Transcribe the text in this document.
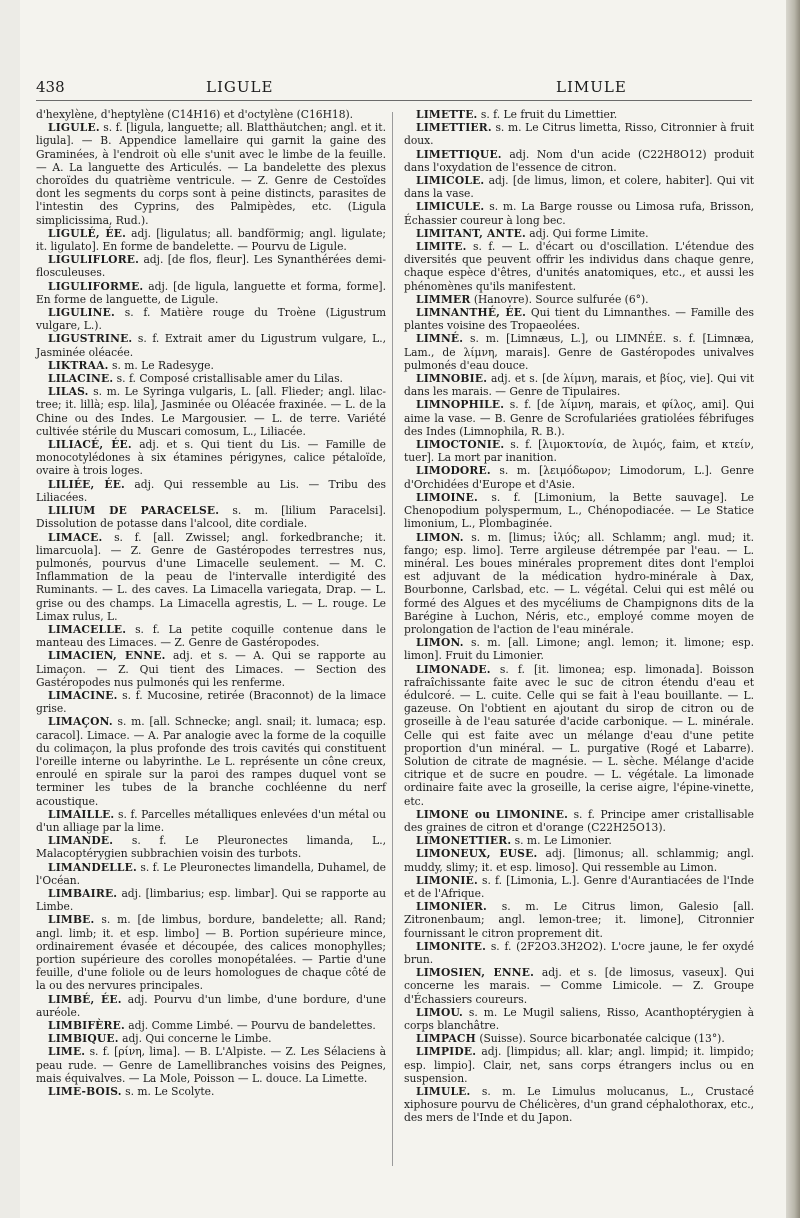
438	LIGULE	LIMULE

d'hexylène, d'heptylène (C14H16) et d'octylène (C16H18).

LIGULE. s. f. [ligula, languette; all. Blatthäutchen; angl. et it. ligula]. — B. Appendice lamellaire qui garnit la gaine des Graminées, à l'endroit où elle s'unit avec le limbe de la feuille. — A. La languette des Articulés. — La bandelette des plexus choroïdes du quatrième ventricule. — Z. Genre de Cestoïdes dont les segments du corps sont à peine distincts, parasites de l'intestin des Cyprins, des Palmipèdes, etc. (Ligula simplicissima, Rud.).

LIGULÉ, ÉE. adj. [ligulatus; all. bandförmig; angl. ligulate; it. ligulato]. En forme de bandelette. — Pourvu de Ligule.

LIGULIFLORE. adj. [de flos, fleur]. Les Synanthérées demi-flosculeuses.

LIGULIFORME. adj. [de ligula, languette et forma, forme]. En forme de languette, de Ligule.

LIGULINE. s. f. Matière rouge du Troène (Ligustrum vulgare, L.).

LIGUSTRINE. s. f. Extrait amer du Ligustrum vulgare, L., Jasminée oléacée.

LIKTRAA. s. m. Le Radesyge.

LILACINE. s. f. Composé cristallisable amer du Lilas.

LILAS. s. m. Le Syringa vulgaris, L. [all. Flieder; angl. lilac-tree; it. lillà; esp. lila], Jasminée ou Oléacée fraxinée. — L. de la Chine ou des Indes. Le Margousier. — L. de terre. Variété cultivée stérile du Muscari comosum, L., Liliacée.

LILIACÉ, ÉE. adj. et s. Qui tient du Lis. — Famille de monocotylédones à six étamines périgynes, calice pétaloïde, ovaire à trois loges.

LILIÉE, ÉE. adj. Qui ressemble au Lis. — Tribu des Liliacées.

LILIUM DE PARACELSE. s. m. [lilium Paracelsi]. Dissolution de potasse dans l'alcool, dite cordiale.

LIMACE. s. f. [all. Zwissel; angl. forkedbranche; it. limarcuola]. — Z. Genre de Gastéropodes terrestres nus, pulmonés, pourvus d'une Limacelle seulement. — M. C. Inflammation de la peau de l'intervalle interdigité des Ruminants. — L. des caves. La Limacella variegata, Drap. — L. grise ou des champs. La Limacella agrestis, L. — L. rouge. Le Limax rulus, L.

LIMACELLE. s. f. La petite coquille contenue dans le manteau des Limaces. — Z. Genre de Gastéropodes.

LIMACIEN, ENNE. adj. et s. — A. Qui se rapporte au Limaçon. — Z. Qui tient des Limaces. — Section des Gastéropodes nus pulmonés qui les renferme.

LIMACINE. s. f. Mucosine, retirée (Braconnot) de la limace grise.

LIMAÇON. s. m. [all. Schnecke; angl. snail; it. lumaca; esp. caracol]. Limace. — A. Par analogie avec la forme de la coquille du colimaçon, la plus profonde des trois cavités qui constituent l'oreille interne ou labyrinthe. Le L. représente un cône creux, enroulé en spirale sur la paroi des rampes duquel vont se terminer les tubes de la branche cochléenne du nerf acoustique.

LIMAILLE. s. f. Parcelles métalliques enlevées d'un métal ou d'un alliage par la lime.

LIMANDE. s. f. Le Pleuronectes limanda, L., Malacoptérygien subbrachien voisin des turbots.

LIMANDELLE. s. f. Le Pleuronectes limandella, Duhamel, de l'Océan.

LIMBAIRE. adj. [limbarius; esp. limbar]. Qui se rapporte au Limbe.

LIMBE. s. m. [de limbus, bordure, bandelette; all. Rand; angl. limb; it. et esp. limbo] — B. Portion supérieure mince, ordinairement évasée et découpée, des calices monophylles; portion supérieure des corolles monopétalées. — Partie d'une feuille, d'une foliole ou de leurs homologues de chaque côté de la ou des nervures principales.

LIMBÉ, ÉE. adj. Pourvu d'un limbe, d'une bordure, d'une auréole.

LIMBIFÈRE. adj. Comme Limbé. — Pourvu de bandelettes.

LIMBIQUE. adj. Qui concerne le Limbe.

LIME. s. f. [ρίνη, lima]. — B. L'Alpiste. — Z. Les Sélaciens à peau rude. — Genre de Lamellibranches voisins des Peignes, mais équivalves. — La Mole, Poisson — L. douce. La Limette.

LIME-BOIS. s. m. Le Scolyte.

LIMETTE. s. f. Le fruit du Limettier.

LIMETTIER. s. m. Le Citrus limetta, Risso, Citronnier à fruit doux.

LIMETTIQUE. adj. Nom d'un acide (C22H8O12) produit dans l'oxydation de l'essence de citron.

LIMICOLE. adj. [de limus, limon, et colere, habiter]. Qui vit dans la vase.

LIMICULE. s. m. La Barge rousse ou Limosa rufa, Brisson, Échassier coureur à long bec.

LIMITANT, ANTE. adj. Qui forme Limite.

LIMITE. s. f. — L. d'écart ou d'oscillation. L'étendue des diversités que peuvent offrir les individus dans chaque genre, chaque espèce d'êtres, d'unités anatomiques, etc., et aussi les phénomènes qu'ils manifestent.

LIMMER (Hanovre). Source sulfurée (6°).

LIMNANTHÉ, ÉE. Qui tient du Limnanthes. — Famille des plantes voisine des Tropaeolées.

LIMNÉ. s. m. [Limnæus, L.], ou LIMNÉE. s. f. [Limnæa, Lam., de λίμνη, marais]. Genre de Gastéropodes univalves pulmonés d'eau douce.

LIMNOBIE. adj. et s. [de λίμνη, marais, et βίος, vie]. Qui vit dans les marais. — Genre de Tipulaires.

LIMNOPHILE. s. f. [de λίμνη, marais, et φίλος, ami]. Qui aime la vase. — B. Genre de Scrofulariées gratiolées fébrifuges des Indes (Limnophila, R. B.).

LIMOCTONIE. s. f. [λιμοκτονία, de λιμός, faim, et κτείν, tuer]. La mort par inanition.

LIMODORE. s. m. [λειμόδωρον; Limodorum, L.]. Genre d'Orchidées d'Europe et d'Asie.

LIMOINE. s. f. [Limonium, la Bette sauvage]. Le Chenopodium polyspermum, L., Chénopodiacée. — Le Statice limonium, L., Plombaginée.

LIMON. s. m. [limus; ἰλύς; all. Schlamm; angl. mud; it. fango; esp. limo]. Terre argileuse détrempée par l'eau. — L. minéral. Les boues minérales proprement dites dont l'emploi est adjuvant de la médication hydro-minérale à Dax, Bourbonne, Carlsbad, etc. — L. végétal. Celui qui est mêlé ou formé des Algues et des mycéliums de Champignons dits de la Barégine à Luchon, Néris, etc., employé comme moyen de prolongation de l'action de l'eau minérale.

LIMON. s. m. [all. Limone; angl. lemon; it. limone; esp. limon]. Fruit du Limonier.

LIMONADE. s. f. [it. limonea; esp. limonada]. Boisson rafraîchissante faite avec le suc de citron étendu d'eau et édulcoré. — L. cuite. Celle qui se fait à l'eau bouillante. — L. gazeuse. On l'obtient en ajoutant du sirop de citron ou de groseille à de l'eau saturée d'acide carbonique. — L. minérale. Celle qui est faite avec un mélange d'eau d'une petite proportion d'un minéral. — L. purgative (Rogé et Labarre). Solution de citrate de magnésie. — L. sèche. Mélange d'acide citrique et de sucre en poudre. — L. végétale. La limonade ordinaire faite avec la groseille, la cerise aigre, l'épine-vinette, etc.

LIMONE ou LIMONINE. s. f. Principe amer cristallisable des graines de citron et d'orange (C22H25O13).

LIMONETTIER. s. m. Le Limonier.

LIMONEUX, EUSE. adj. [limonus; all. schlammig; angl. muddy, slimy; it. et esp. limoso]. Qui ressemble au Limon.

LIMONIE. s. f. [Limonia, L.]. Genre d'Aurantiacées de l'Inde et de l'Afrique.

LIMONIER. s. m. Le Citrus limon, Galesio [all. Zitronenbaum; angl. lemon-tree; it. limone], Citronnier fournissant le citron proprement dit.

LIMONITE. s. f. (2F2O3.3H2O2). L'ocre jaune, le fer oxydé brun.

LIMOSIEN, ENNE. adj. et s. [de limosus, vaseux]. Qui concerne les marais. — Comme Limicole. — Z. Groupe d'Échassiers coureurs.

LIMOU. s. m. Le Mugil saliens, Risso, Acanthoptérygien à corps blanchâtre.

LIMPACH (Suisse). Source bicarbonatée calcique (13°).

LIMPIDE. adj. [limpidus; all. klar; angl. limpid; it. limpido; esp. limpio]. Clair, net, sans corps étrangers inclus ou en suspension.

LIMULE. s. m. Le Limulus molucanus, L., Crustacé xiphosure pourvu de Chélicères, d'un grand céphalothorax, etc., des mers de l'Inde et du Japon.
